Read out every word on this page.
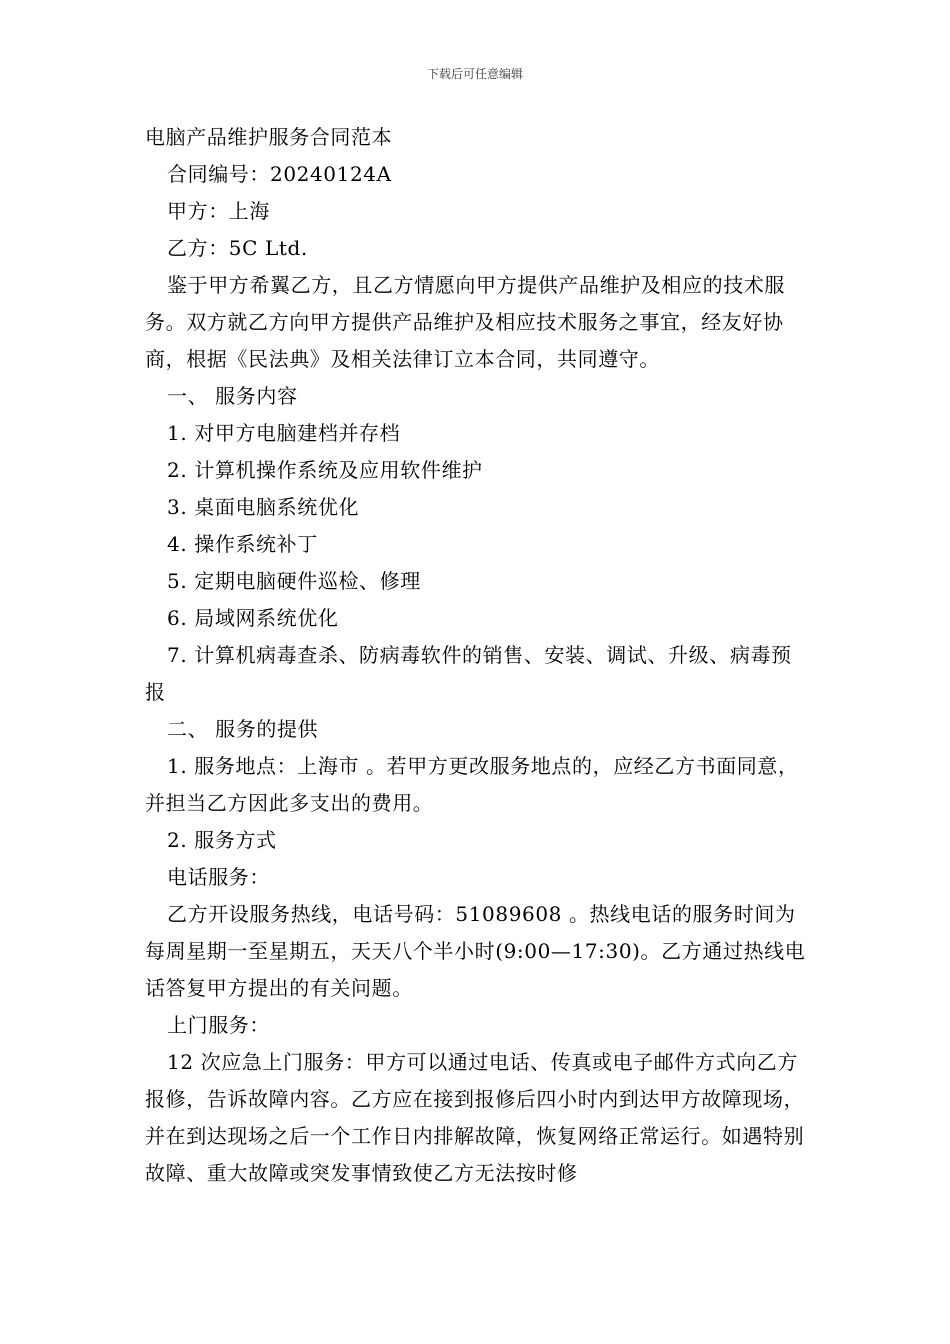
下载后可任意编辑

电脑产品维护服务合同范本

合同编号：20240124A

甲方：上海

乙方：5C Ltd.

鉴于甲方希翼乙方，且乙方情愿向甲方提供产品维护及相应的技术服务。双方就乙方向甲方提供产品维护及相应技术服务之事宜，经友好协商，根据《民法典》及相关法律订立本合同，共同遵守。

一、 服务内容

1. 对甲方电脑建档并存档

2. 计算机操作系统及应用软件维护

3. 桌面电脑系统优化

4. 操作系统补丁

5. 定期电脑硬件巡检、修理

6. 局域网系统优化

7. 计算机病毒查杀、防病毒软件的销售、安装、调试、升级、病毒预报

二、 服务的提供

1. 服务地点：上海市 。若甲方更改服务地点的，应经乙方书面同意，并担当乙方因此多支出的费用。

2. 服务方式

电话服务：

乙方开设服务热线，电话号码：51089608 。热线电话的服务时间为每周星期一至星期五，天天八个半小时(9:00—17:30)。乙方通过热线电话答复甲方提出的有关问题。

上门服务：

12 次应急上门服务：甲方可以通过电话、传真或电子邮件方式向乙方报修，告诉故障内容。乙方应在接到报修后四小时内到达甲方故障现场，并在到达现场之后一个工作日内排解故障，恢复网络正常运行。如遇特别故障、重大故障或突发事情致使乙方无法按时修
